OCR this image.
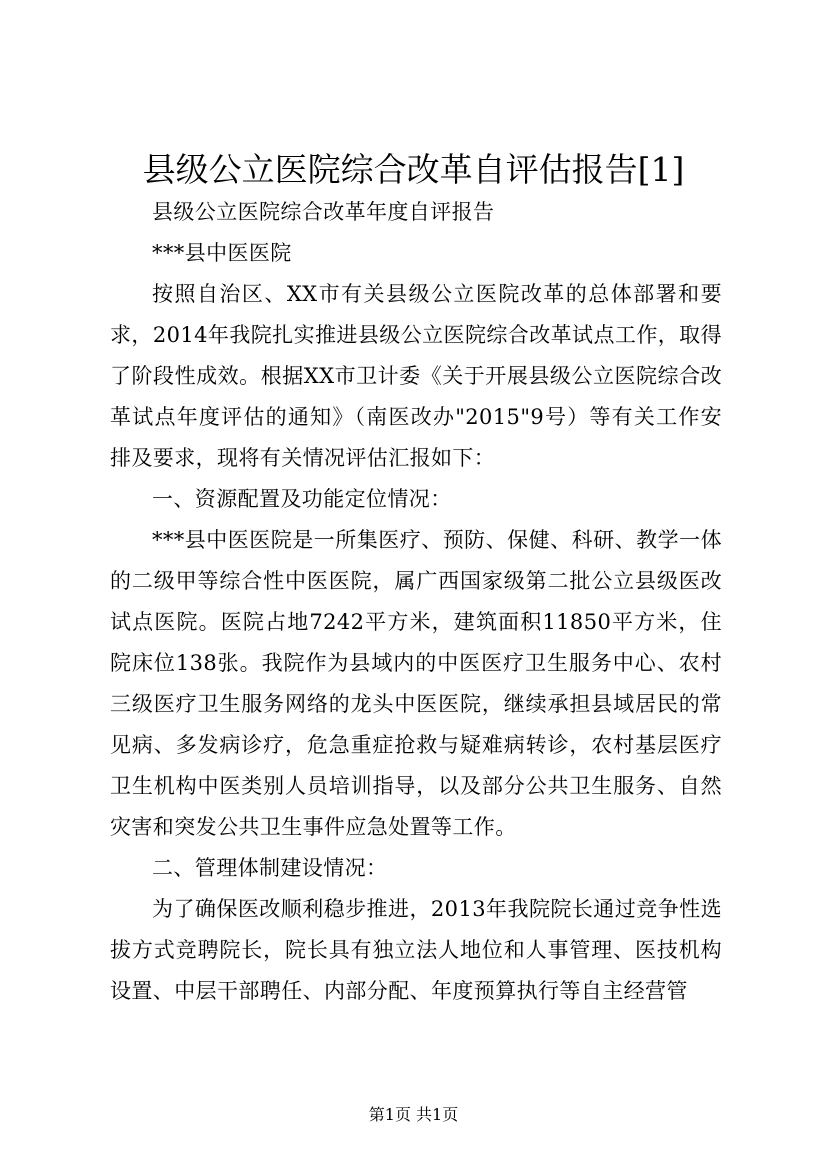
县级公立医院综合改革自评估报告[1]

县级公立医院综合改革年度自评报告

***县中医医院

按照自治区、XX市有关县级公立医院改革的总体部署和要求，2014年我院扎实推进县级公立医院综合改革试点工作，取得了阶段性成效。根据XX市卫计委《关于开展县级公立医院综合改革试点年度评估的通知》（南医改办"2015"9号）等有关工作安排及要求，现将有关情况评估汇报如下：

一、资源配置及功能定位情况：

***县中医医院是一所集医疗、预防、保健、科研、教学一体的二级甲等综合性中医医院，属广西国家级第二批公立县级医改试点医院。医院占地7242平方米，建筑面积11850平方米，住院床位138张。我院作为县域内的中医医疗卫生服务中心、农村三级医疗卫生服务网络的龙头中医医院，继续承担县域居民的常见病、多发病诊疗，危急重症抢救与疑难病转诊，农村基层医疗卫生机构中医类别人员培训指导，以及部分公共卫生服务、自然灾害和突发公共卫生事件应急处置等工作。

二、管理体制建设情况：

为了确保医改顺利稳步推进，2013年我院院长通过竞争性选拔方式竞聘院长，院长具有独立法人地位和人事管理、医技机构设置、中层干部聘任、内部分配、年度预算执行等自主经营管

第1页 共1页
